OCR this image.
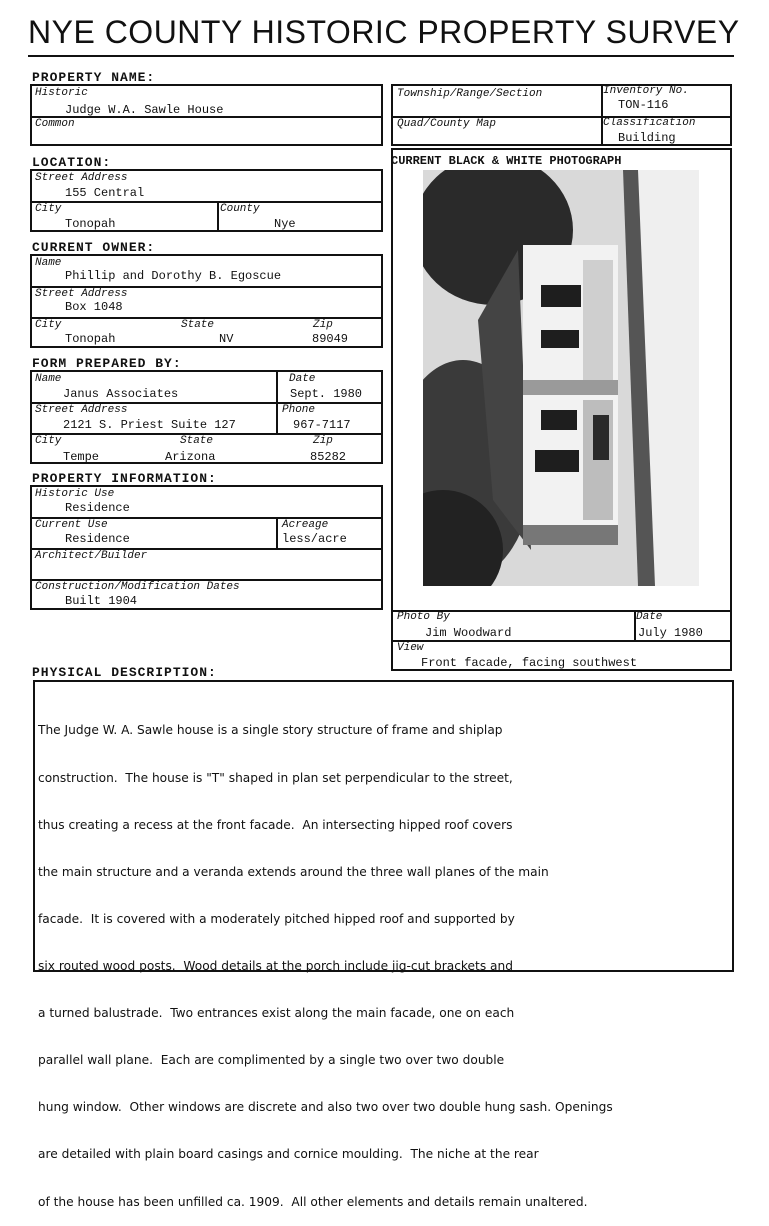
NYE COUNTY HISTORIC PROPERTY SURVEY
PROPERTY NAME:
Historic
Judge W.A. Sawle House
Common
LOCATION:
Street Address
155 Central
City
Tonopah
County
Nye
CURRENT OWNER:
Name
Phillip and Dorothy B. Egoscue
Street Address
Box 1048
City
Tonopah
State
NV
Zip
89049
FORM PREPARED BY:
Name
Janus Associates
Date
Sept. 1980
Street Address
2121 S. Priest Suite 127
Phone
967-7117
City
Tempe
State
Arizona
Zip
85282
PROPERTY INFORMATION:
Historic Use
Residence
Current Use
Residence
Acreage
less/acre
Architect/Builder
Construction/Modification Dates
Built 1904
Township/Range/Section	Inventory No.
TON-116
Quad/County Map	Classification
Building
CURRENT BLACK & WHITE PHOTOGRAPH
Photo By
Jim Woodward
Date
July 1980
View
Front facade, facing southwest
PHYSICAL DESCRIPTION:

The Judge W. A. Sawle house is a single story structure of frame and shiplap

construction.  The house is "T" shaped in plan set perpendicular to the street,

thus creating a recess at the front facade.  An intersecting hipped roof covers

the main structure and a veranda extends around the three wall planes of the main

facade.  It is covered with a moderately pitched hipped roof and supported by

six routed wood posts.  Wood details at the porch include jig-cut brackets and

a turned balustrade.  Two entrances exist along the main facade, one on each

parallel wall plane.  Each are complimented by a single two over two double

hung window.  Other windows are discrete and also two over two double hung sash. Openings

are detailed with plain board casings and cornice moulding.  The niche at the rear

of the house has been unfilled ca. 1909.  All other elements and details remain unaltered.
